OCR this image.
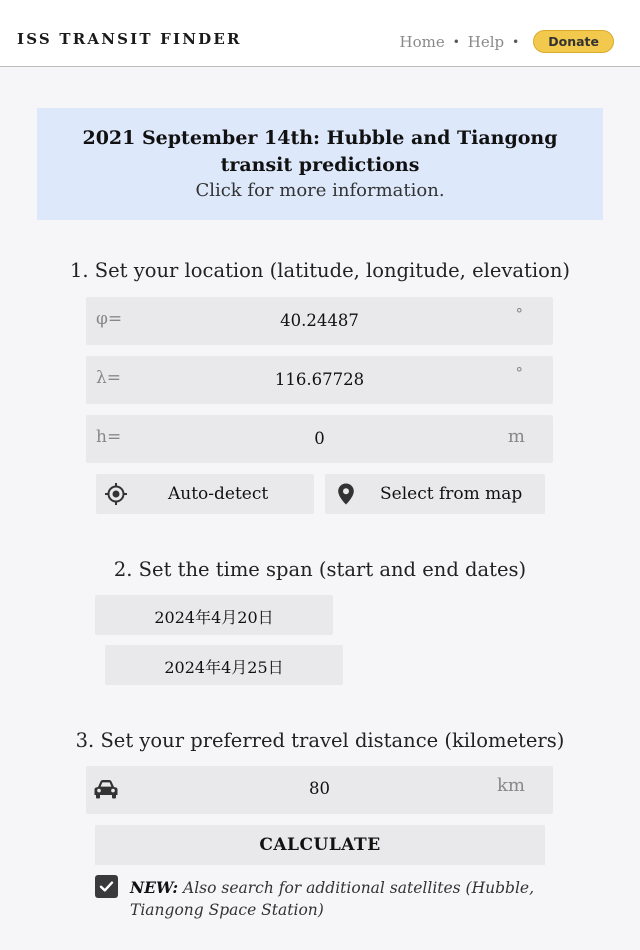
ISS TRANSIT FINDER	Home • Help •	Donate
2021 September 14th: Hubble and Tiangong transit predictions
Click for more information.
1. Set your location (latitude, longitude, elevation)
φ=	40.24487	°
λ=	116.67728	°
h=	0	m
Auto-detect	Select from map
2. Set the time span (start and end dates)
2024年4月20日
2024年4月25日
3. Set your preferred travel distance (kilometers)
80	km
CALCULATE
NEW: Also search for additional satellites (Hubble, Tiangong Space Station)
